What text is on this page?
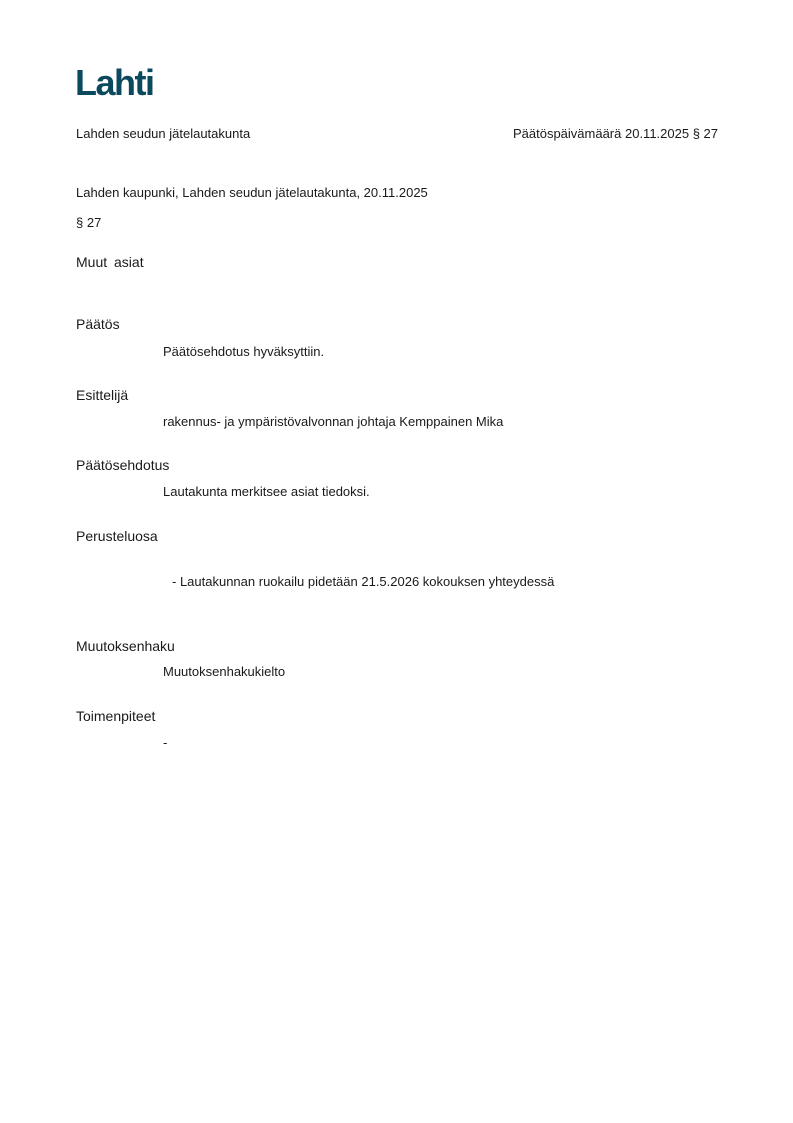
Lahti
Lahden seudun jätelautakunta	Päätöspäivämäärä 20.11.2025 § 27
Lahden kaupunki, Lahden seudun jätelautakunta, 20.11.2025
§ 27
Muut asiat
Päätös
Päätösehdotus hyväksyttiin.
Esittelijä
rakennus- ja ympäristövalvonnan johtaja Kemppainen Mika
Päätösehdotus
Lautakunta merkitsee asiat tiedoksi.
Perusteluosa
- Lautakunnan ruokailu pidetään 21.5.2026 kokouksen yhteydessä
Muutoksenhaku
Muutoksenhakukielto
Toimenpiteet
-
